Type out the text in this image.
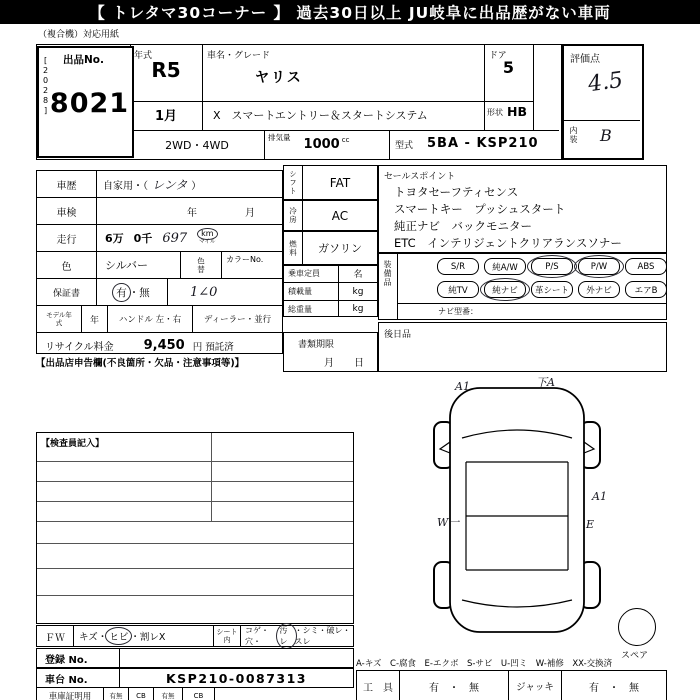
【 トレタマ30コーナー 】 過去30日以上 JU岐阜に出品歴がない車両
（複合機）対応用紙
年式
R5
1月
車名・グレード
ヤリス
X　スマートエントリー＆スタートシステム
ドア
5
形状 HB
2WD・4WD
排気量 1000 cc
型式 5BA - KSP210
[2028] 出品No.
8021
評価点
4.5
内装 B
車歴	自家用・（ レンタ ）
車検	年	月
走行	6万 0千 697 km
マイル
色	シルバー	色替	カラーNo.
保証書	有 ・ 無	1∠0
モデル年式	年	ハンドル 左・右	ディーラー・並行
リサイクル料金 9,450 円 預託済
【出品店申告欄(不良箇所・欠品・注意事項等)】
シフト	FAT
冷房	AC
燃料	ガソリン
乗車定員	名
積載量	kg
総重量	kg
書類期限
月 日
セールスポイント
トヨタセーフティセンス
スマートキー　プッシュスタート
純正ナビ　バックモニター
ETC　インテリジェントクリアランスソナー
装備品	S/R	純A/W	P/S	P/W	ABS
純TV	純ナビ	革シート	外ナビ	エアB
ナビ型番：
後日品
A1	下A
A1
E
W一
スペア
【検査員記入】
ＦＷ	キズ・ ヒビ ・割レX
シート内
コゲ・穴・
汚レ
・シミ・破レ・スレ
登録 No.
車台 No.	KSP210-0087313
車庫証明用	有無	CB	有無	CB
A-キズ　C-腐食　E-エクボ　S-サビ　U-凹ミ　W-補修　XX-交換済
工　具	有　・　無	ジャッキ	有　・　無
